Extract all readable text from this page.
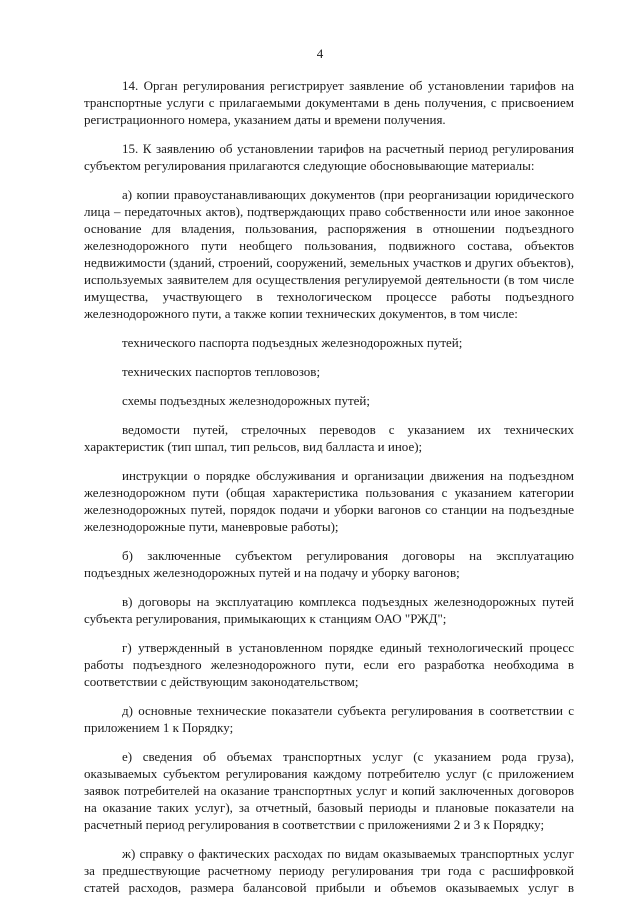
4

14. Орган регулирования регистрирует заявление об установлении тарифов на транспортные услуги с прилагаемыми документами в день получения, с присвоением регистрационного номера, указанием даты и времени получения.

15. К заявлению об установлении тарифов на расчетный период регулирования субъектом регулирования прилагаются следующие обосновывающие материалы:

а) копии правоустанавливающих документов (при реорганизации юридического лица – передаточных актов), подтверждающих право собственности или иное законное основание для владения, пользования, распоряжения в отношении подъездного железнодорожного пути необщего пользования, подвижного состава, объектов недвижимости (зданий, строений, сооружений, земельных участков и других объектов), используемых заявителем для осуществления регулируемой деятельности (в том числе имущества, участвующего в технологическом процессе работы подъездного железнодорожного пути, а также копии технических документов, в том числе:

технического паспорта подъездных железнодорожных путей;

технических паспортов тепловозов;

схемы подъездных железнодорожных путей;

ведомости путей, стрелочных переводов с указанием их технических характеристик (тип шпал, тип рельсов, вид балласта и иное);

инструкции о порядке обслуживания и организации движения на подъездном железнодорожном пути (общая характеристика пользования с указанием категории железнодорожных путей, порядок подачи и уборки вагонов со станции на подъездные железнодорожные пути, маневровые работы);

б) заключенные субъектом регулирования договоры на эксплуатацию подъездных железнодорожных путей и на подачу и уборку вагонов;

в) договоры на эксплуатацию комплекса подъездных железнодорожных путей субъекта регулирования, примыкающих к станциям ОАО "РЖД";

г) утвержденный в установленном порядке единый технологический процесс работы подъездного железнодорожного пути, если его разработка необходима в соответствии с действующим законодательством;

д) основные технические показатели субъекта регулирования в соответствии с приложением 1 к Порядку;

е) сведения об объемах транспортных услуг (с указанием рода груза), оказываемых субъектом регулирования каждому потребителю услуг (с приложением заявок потребителей на оказание транспортных услуг и копий заключенных договоров на оказание таких услуг), за отчетный, базовый периоды и плановые показатели на расчетный период регулирования в соответствии с приложениями 2 и 3 к Порядку;

ж) справку о фактических расходах по видам оказываемых транспортных услуг за предшествующие расчетному периоду регулирования три года с расшифровкой статей расходов, размера балансовой прибыли и объемов оказываемых услуг в
